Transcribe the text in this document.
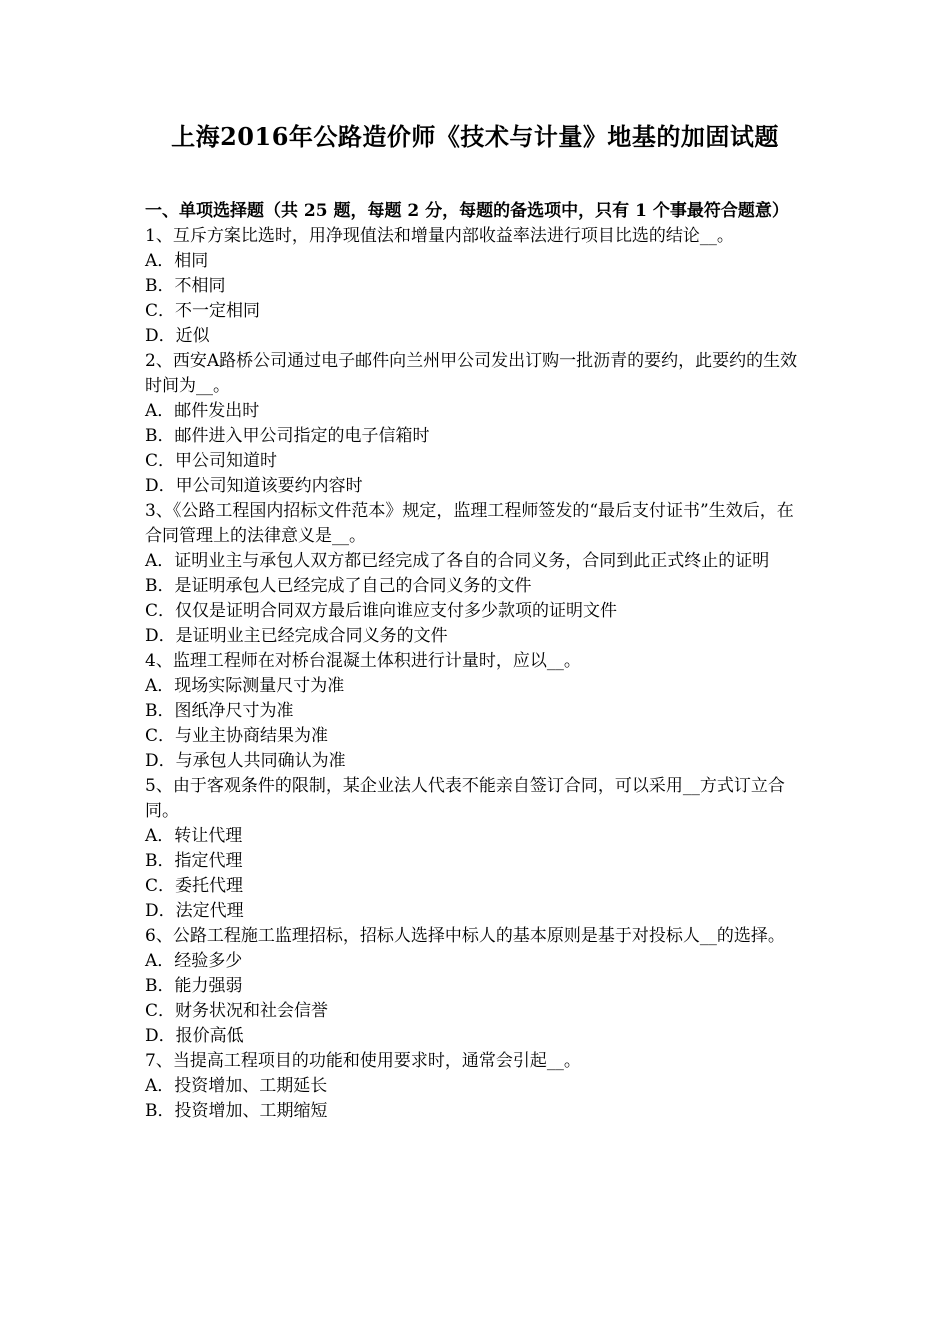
上海2016年公路造价师《技术与计量》地基的加固试题

一、单项选择题（共 25 题，每题 2 分，每题的备选项中，只有 1 个事最符合题意）

1、互斥方案比选时，用净现值法和增量内部收益率法进行项目比选的结论__。

A．相同

B．不相同

C．不一定相同

D．近似

2、西安A路桥公司通过电子邮件向兰州甲公司发出订购一批沥青的要约，此要约的生效时间为__。

A．邮件发出时

B．邮件进入甲公司指定的电子信箱时

C．甲公司知道时

D．甲公司知道该要约内容时

3、《公路工程国内招标文件范本》规定，监理工程师签发的“最后支付证书”生效后，在合同管理上的法律意义是__。

A．证明业主与承包人双方都已经完成了各自的合同义务，合同到此正式终止的证明

B．是证明承包人已经完成了自己的合同义务的文件

C．仅仅是证明合同双方最后谁向谁应支付多少款项的证明文件

D．是证明业主已经完成合同义务的文件

4、监理工程师在对桥台混凝土体积进行计量时，应以__。

A．现场实际测量尺寸为准

B．图纸净尺寸为准

C．与业主协商结果为准

D．与承包人共同确认为准

5、由于客观条件的限制，某企业法人代表不能亲自签订合同，可以采用__方式订立合同。

A．转让代理

B．指定代理

C．委托代理

D．法定代理

6、公路工程施工监理招标，招标人选择中标人的基本原则是基于对投标人__的选择。

A．经验多少

B．能力强弱

C．财务状况和社会信誉

D．报价高低

7、当提高工程项目的功能和使用要求时，通常会引起__。

A．投资增加、工期延长

B．投资增加、工期缩短
